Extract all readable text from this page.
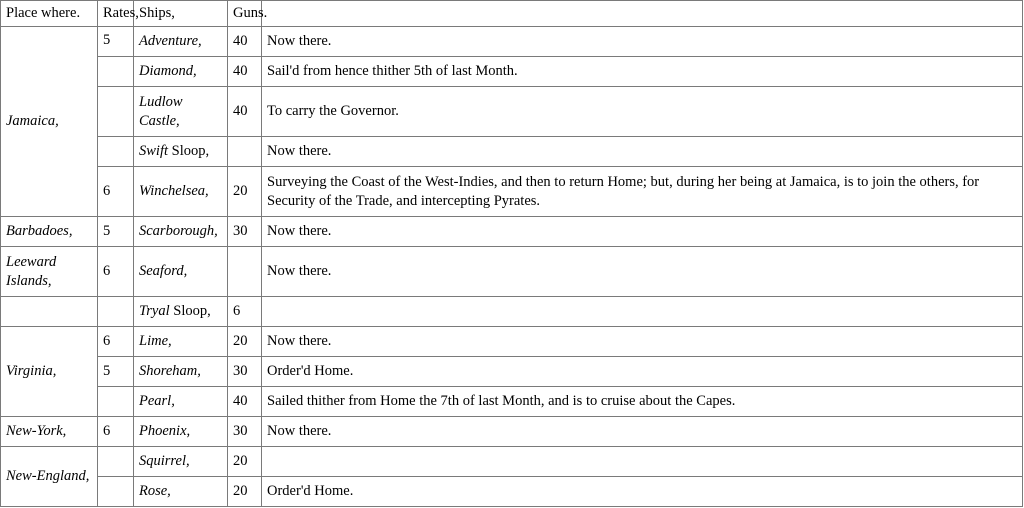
Place where.	Rates,	Ships,	Guns.	
Jamaica,	5	Adventure,	40	Now there.
		Diamond,	40	Sail'd from hence thither 5th of last Month.
		Ludlow Castle,	40	To carry the Governor.
		Swift Sloop,		Now there.
	6	Winchelsea,	20	Surveying the Coast of the West-Indies, and then to return Home; but, during her being at Jamaica, is to join the others, for Security of the Trade, and intercepting Pyrates.
Barbadoes,	5	Scarborough,	30	Now there.
Leeward Islands,	6	Seaford,		Now there.
		Tryal Sloop,	6	
Virginia,	6	Lime,	20	Now there.
	5	Shoreham,	30	Order'd Home.
		Pearl,	40	Sailed thither from Home the 7th of last Month, and is to cruise about the Capes.
New-York,	6	Phoenix,	30	Now there.
New-England,		Squirrel,	20	
		Rose,	20	Order'd Home.
